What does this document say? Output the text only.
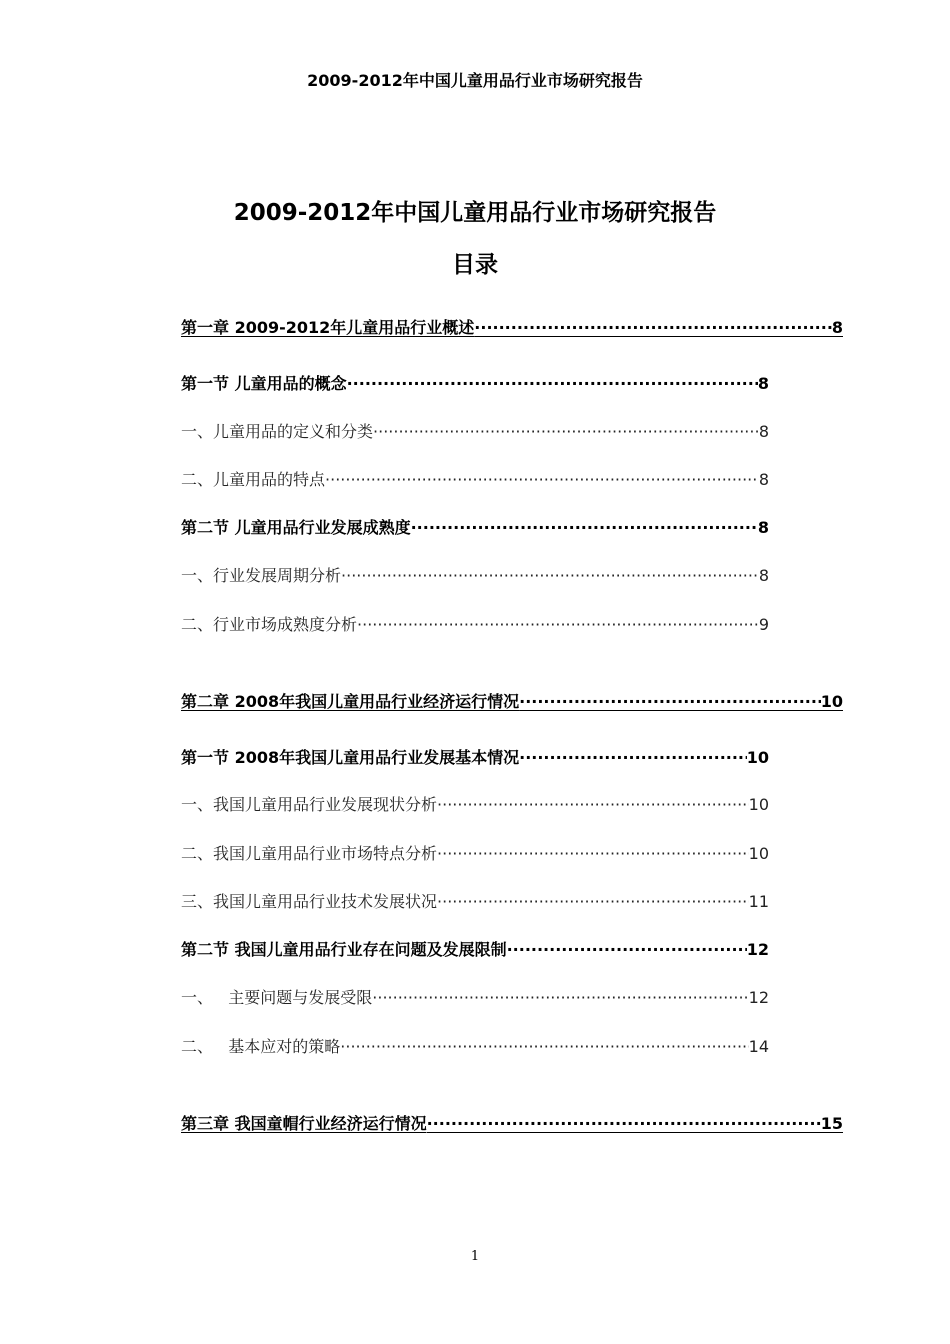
2009-2012年中国儿童用品行业市场研究报告
2009-2012年中国儿童用品行业市场研究报告
目录
第一章 2009-2012年儿童用品行业概述 ·····	8
第一节 儿童用品的概念 ·····	8
一、儿童用品的定义和分类 ·····	8
二、儿童用品的特点 ·····	8
第二节 儿童用品行业发展成熟度 ·····	8
一、行业发展周期分析 ·····	8
二、行业市场成熟度分析 ·····	9
第二章 2008年我国儿童用品行业经济运行情况 ·····	10
第一节 2008年我国儿童用品行业发展基本情况 ·····	10
一、我国儿童用品行业发展现状分析 ·····	10
二、我国儿童用品行业市场特点分析 ·····	10
三、我国儿童用品行业技术发展状况 ·····	11
第二节 我国儿童用品行业存在问题及发展限制 ·····	12
一、   主要问题与发展受限 ·····	12
二、   基本应对的策略 ·····	14
第三章 我国童帽行业经济运行情况 ·····	15
1
